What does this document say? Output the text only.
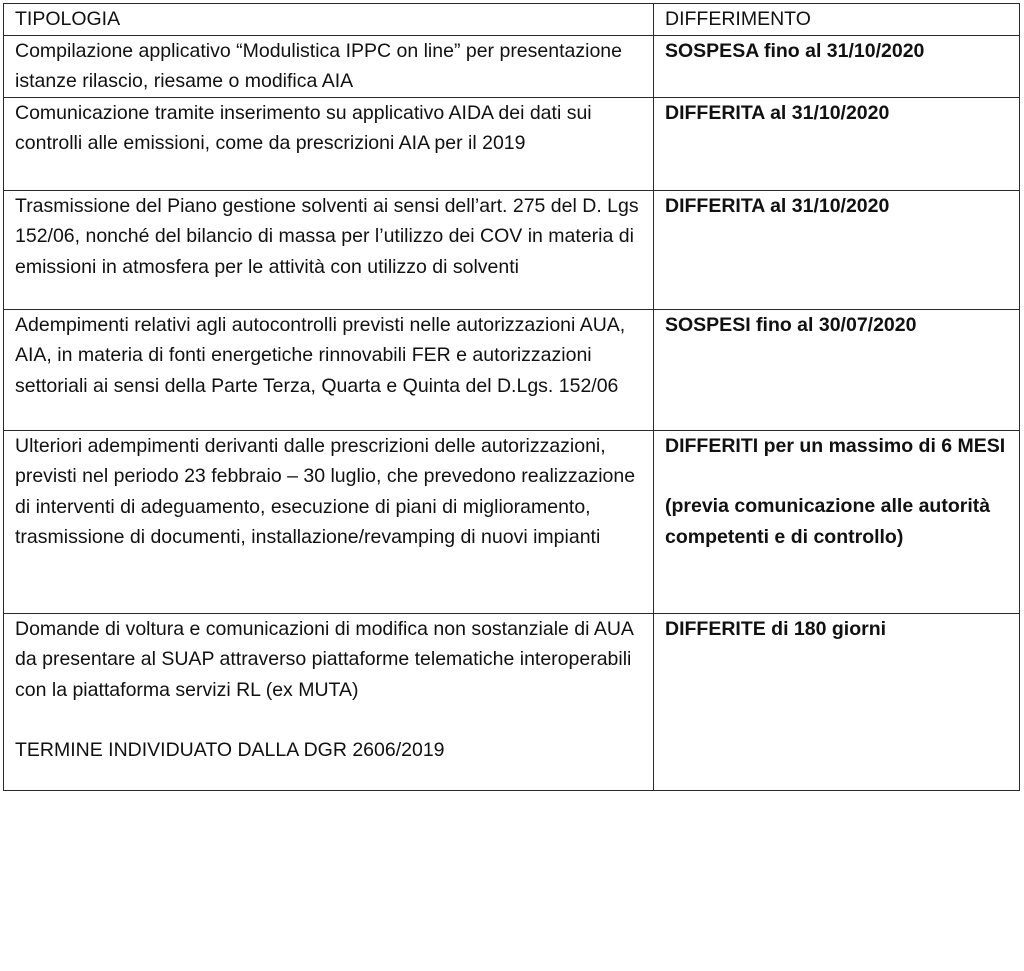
TIPOLOGIA	DIFFERIMENTO
Compilazione applicativo “Modulistica IPPC on line” per presentazione istanze rilascio, riesame o modifica AIA	SOSPESA fino al 31/10/2020
Comunicazione tramite inserimento su applicativo AIDA dei dati sui controlli alle emissioni, come da prescrizioni AIA per il 2019	DIFFERITA al 31/10/2020
Trasmissione del Piano gestione solventi ai sensi dell’art. 275 del D. Lgs 152/06, nonché del bilancio di massa per l’utilizzo dei COV in materia di emissioni in atmosfera per le attività con utilizzo di solventi	DIFFERITA al 31/10/2020
Adempimenti relativi agli autocontrolli previsti nelle autorizzazioni AUA, AIA, in materia di fonti energetiche rinnovabili FER e autorizzazioni settoriali ai sensi della Parte Terza, Quarta e Quinta del D.Lgs. 152/06	SOSPESI fino al 30/07/2020
Ulteriori adempimenti derivanti dalle prescrizioni delle autorizzazioni, previsti nel periodo 23 febbraio – 30 luglio, che prevedono realizzazione di interventi di adeguamento, esecuzione di piani di miglioramento, trasmissione di documenti, installazione/revamping di nuovi impianti	DIFFERITI per un massimo di 6 MESI
(previa comunicazione alle autorità competenti e di controllo)

Domande di voltura e comunicazioni di modifica non sostanziale di AUA da presentare al SUAP attraverso piattaforme telematiche interoperabili con la piattaforma servizi RL (ex MUTA)
TERMINE INDIVIDUATO DALLA DGR 2606/2019	DIFFERITE di 180 giorni
